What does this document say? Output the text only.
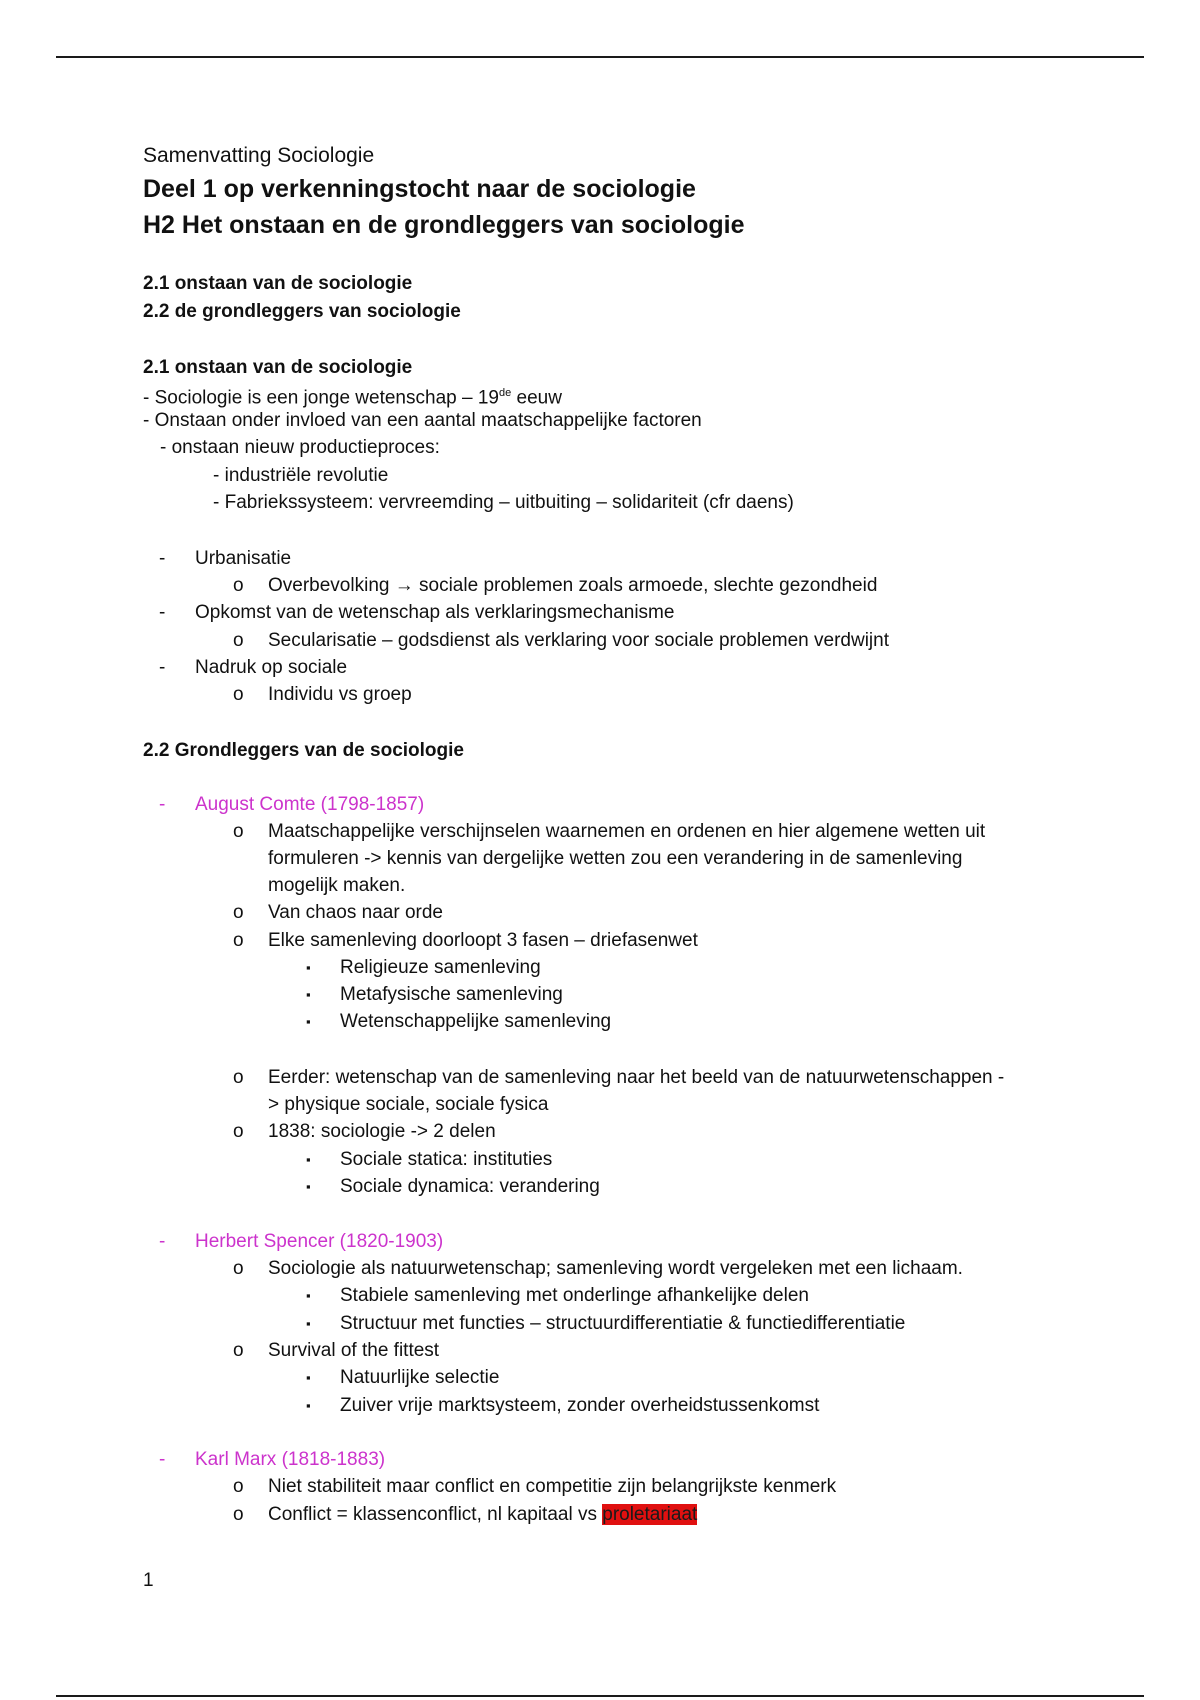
Samenvatting Sociologie
Deel 1 op verkenningstocht naar de sociologie
H2 Het onstaan en de grondleggers van sociologie
2.1 onstaan van de sociologie
2.2 de grondleggers van sociologie
2.1 onstaan van de sociologie
- Sociologie is een jonge wetenschap – 19de eeuw
- Onstaan onder invloed van een aantal maatschappelijke factoren
- onstaan nieuw productieproces:
- industriële revolutie
- Fabriekssysteem: vervreemding – uitbuiting – solidariteit (cfr daens)
- Urbanisatie
o Overbevolking → sociale problemen zoals armoede, slechte gezondheid
- Opkomst van de wetenschap als verklaringsmechanisme
o Secularisatie – godsdienst als verklaring voor sociale problemen verdwijnt
- Nadruk op sociale
o Individu vs groep
2.2 Grondleggers van de sociologie
- August Comte (1798-1857)
o Maatschappelijke verschijnselen waarnemen en ordenen en hier algemene wetten uit
formuleren -> kennis van dergelijke wetten zou een verandering in de samenleving
mogelijk maken.
o Van chaos naar orde
o Elke samenleving doorloopt 3 fasen – driefasenwet
▪ Religieuze samenleving
▪ Metafysische samenleving
▪ Wetenschappelijke samenleving
o Eerder: wetenschap van de samenleving naar het beeld van de natuurwetenschappen -
> physique sociale, sociale fysica
o 1838: sociologie -> 2 delen
▪ Sociale statica: instituties
▪ Sociale dynamica: verandering
- Herbert Spencer (1820-1903)
o Sociologie als natuurwetenschap; samenleving wordt vergeleken met een lichaam.
▪ Stabiele samenleving met onderlinge afhankelijke delen
▪ Structuur met functies – structuurdifferentiatie & functiedifferentiatie
o Survival of the fittest
▪ Natuurlijke selectie
▪ Zuiver vrije marktsysteem, zonder overheidstussenkomst
- Karl Marx (1818-1883)
o Niet stabiliteit maar conflict en competitie zijn belangrijkste kenmerk
o Conflict = klassenconflict, nl kapitaal vs proletariaat
1
